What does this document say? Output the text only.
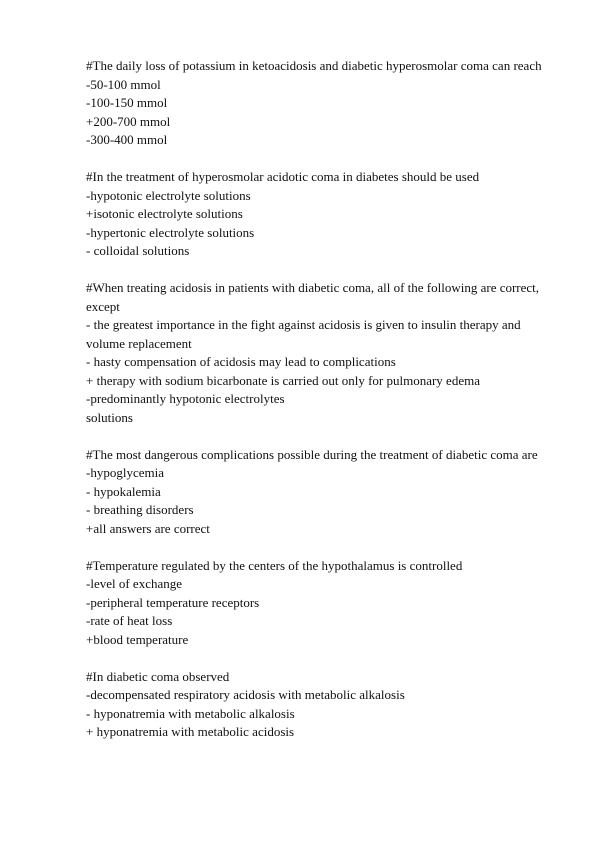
#The daily loss of potassium in ketoacidosis and diabetic hyperosmolar coma can reach
-50-100 mmol
-100-150 mmol
+200-700 mmol
-300-400 mmol
#In the treatment of hyperosmolar acidotic coma in diabetes should be used
-hypotonic electrolyte solutions
+isotonic electrolyte solutions
-hypertonic electrolyte solutions
- colloidal solutions
#When treating acidosis in patients with diabetic coma, all of the following are correct, except
- the greatest importance in the fight against acidosis is given to insulin therapy and volume replacement
- hasty compensation of acidosis may lead to complications
+ therapy with sodium bicarbonate is carried out only for pulmonary edema
-predominantly hypotonic electrolytes
solutions
#The most dangerous complications possible during the treatment of diabetic coma are
-hypoglycemia
- hypokalemia
- breathing disorders
+all answers are correct
#Temperature regulated by the centers of the hypothalamus is controlled
-level of exchange
-peripheral temperature receptors
-rate of heat loss
+blood temperature
#In diabetic coma observed
-decompensated respiratory acidosis with metabolic alkalosis
- hyponatremia with metabolic alkalosis
+ hyponatremia with metabolic acidosis
